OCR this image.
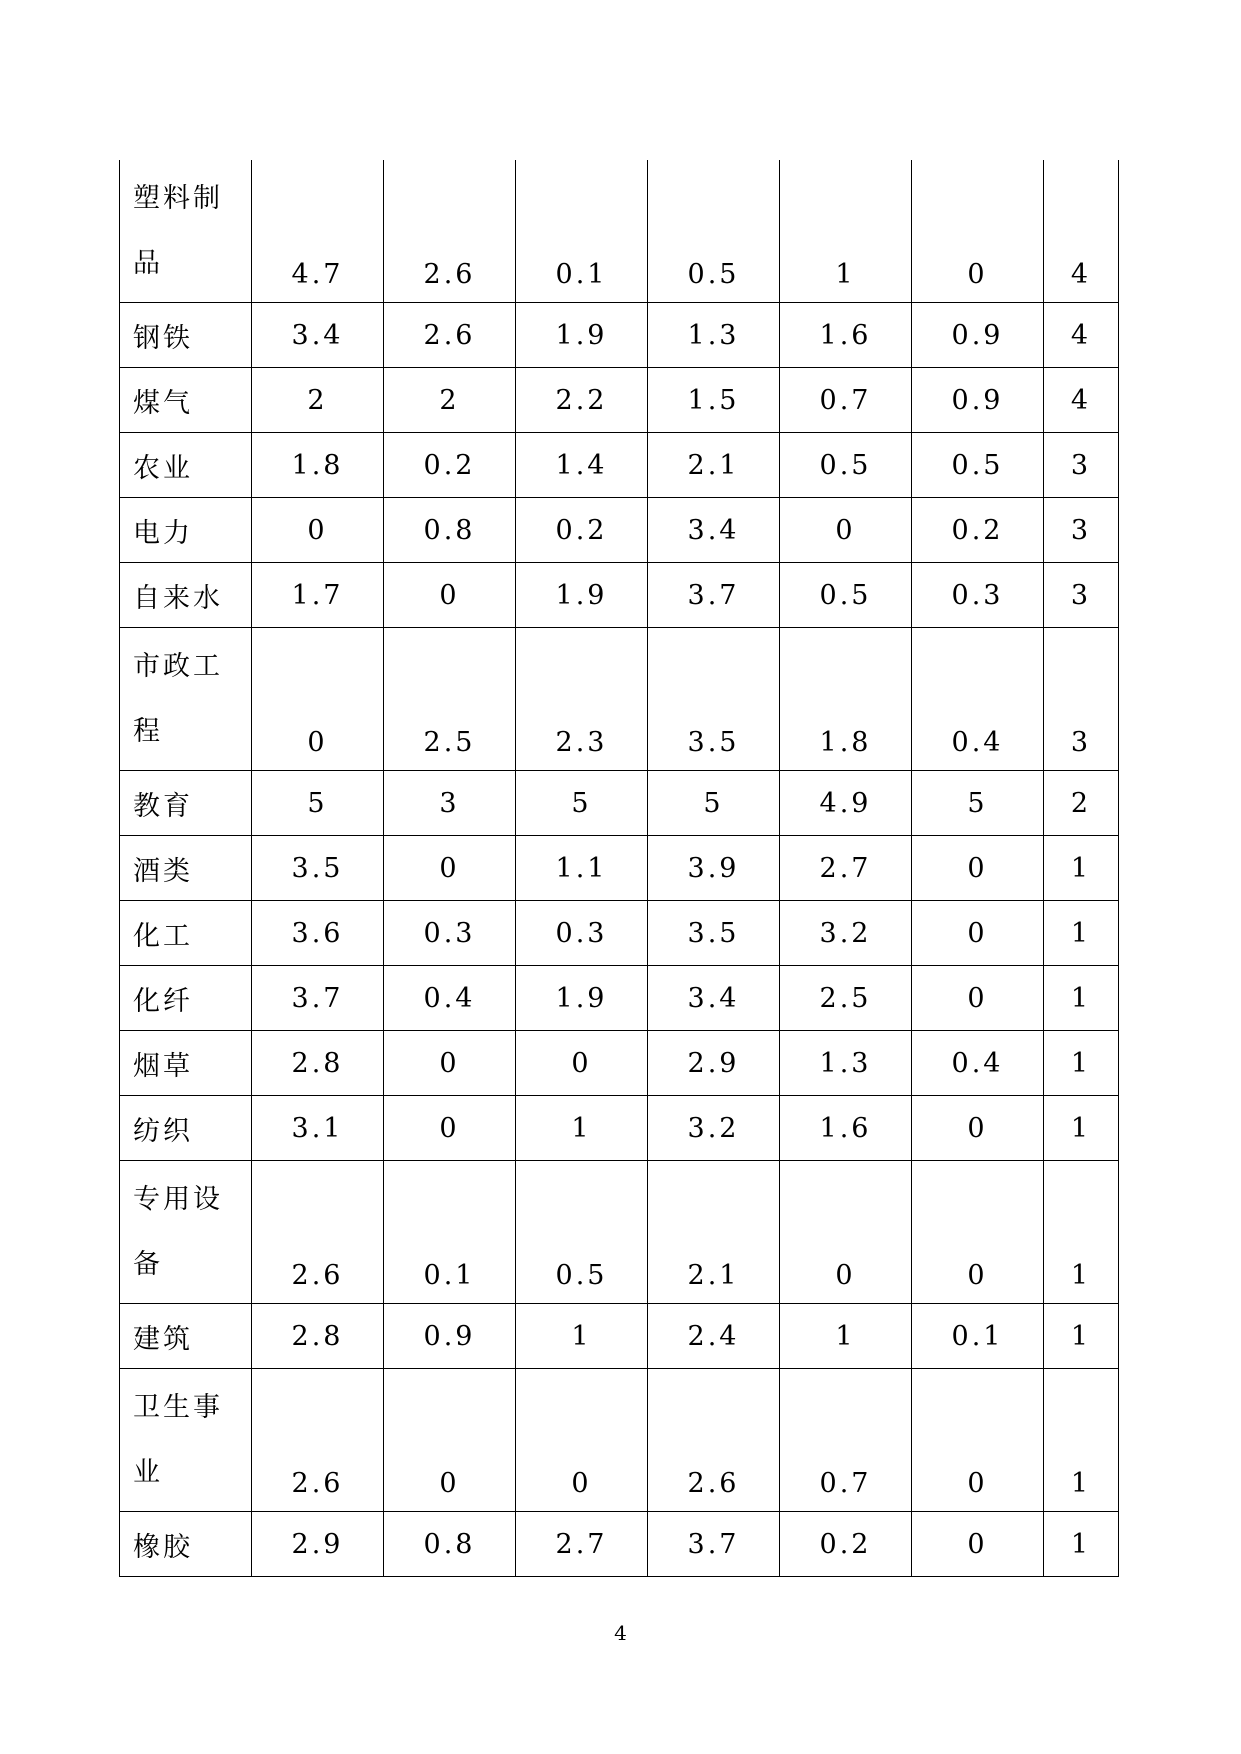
塑料制品	4.7	2.6	0.1	0.5	1	0	4
钢铁	3.4	2.6	1.9	1.3	1.6	0.9	4
煤气	2	2	2.2	1.5	0.7	0.9	4
农业	1.8	0.2	1.4	2.1	0.5	0.5	3
电力	0	0.8	0.2	3.4	0	0.2	3
自来水	1.7	0	1.9	3.7	0.5	0.3	3

市政工程	0	2.5	2.3	3.5	1.8	0.4	3
教育	5	3	5	5	4.9	5	2
酒类	3.5	0	1.1	3.9	2.7	0	1
化工	3.6	0.3	0.3	3.5	3.2	0	1
化纤	3.7	0.4	1.9	3.4	2.5	0	1
烟草	2.8	0	0	2.9	1.3	0.4	1
纺织	3.1	0	1	3.2	1.6	0	1

专用设备	2.6	0.1	0.5	2.1	0	0	1
建筑	2.8	0.9	1	2.4	1	0.1	1

卫生事业	2.6	0	0	2.6	0.7	0	1
橡胶	2.9	0.8	2.7	3.7	0.2	0	1
4
